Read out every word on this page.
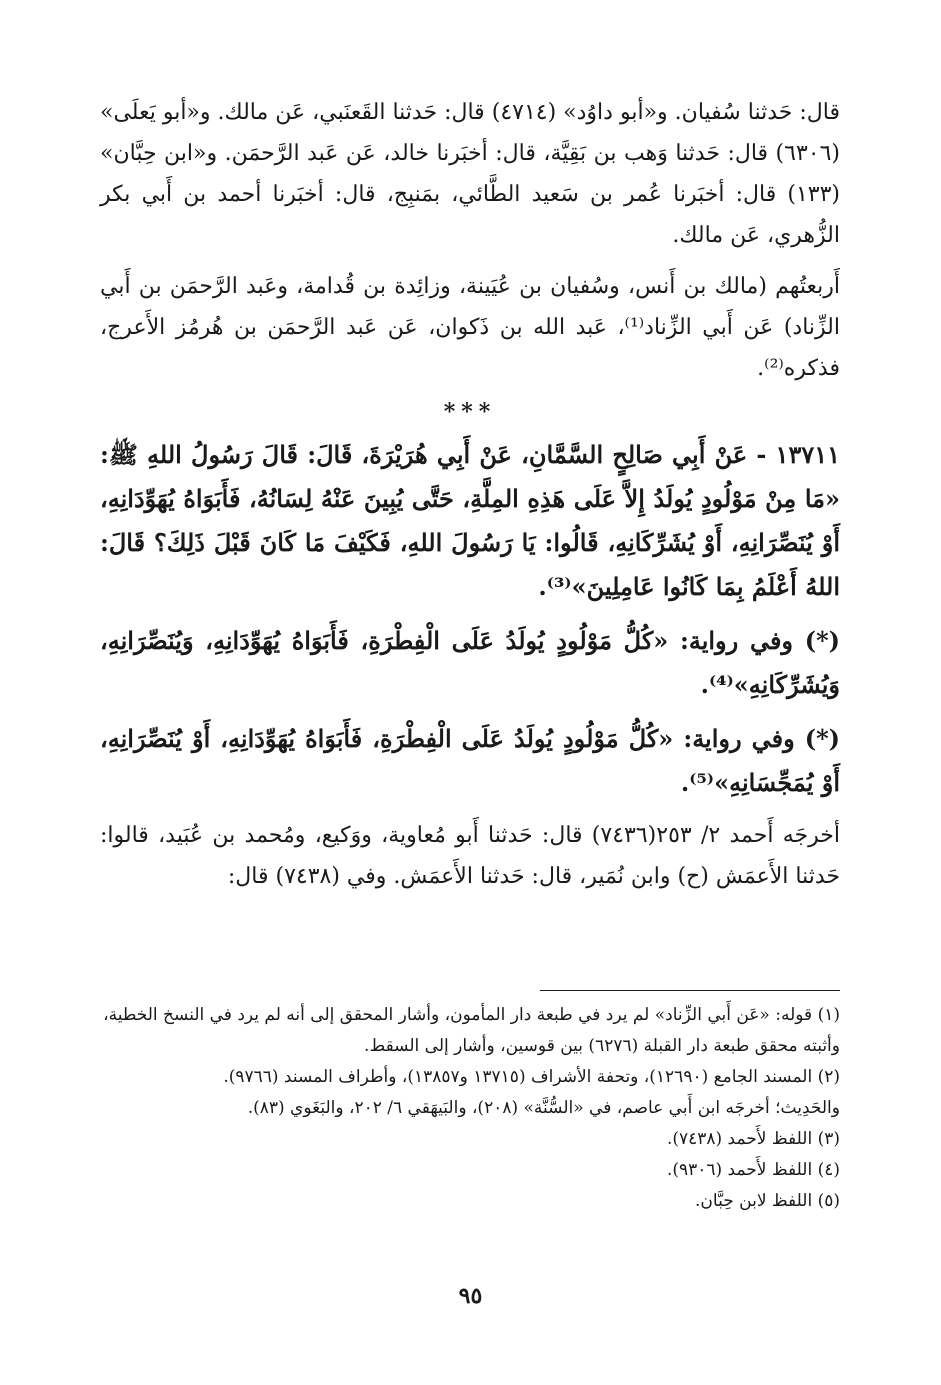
قال: حَدثنا سُفيان. و«أبو داوُد» (٤٧١٤) قال: حَدثنا القَعنَبي، عَن مالك. و«أبو يَعلَى» (٦٣٠٦) قال: حَدثنا وَهب بن بَقِيَّة، قال: أخبَرنا خالد، عَن عَبد الرَّحمَن. و«ابن حِبَّان» (١٣٣) قال: أخبَرنا عُمر بن سَعيد الطَّائي، بمَنبِج، قال: أخبَرنا أحمد بن أَبي بكر الزُّهري، عَن مالك.

أَربعتُهم (مالك بن أَنس، وسُفيان بن عُيَينة، وزائِدة بن قُدامة، وعَبد الرَّحمَن بن أَبي الزِّناد) عَن أَبي الزِّناد⁽¹⁾، عَبد الله بن ذَكوان، عَن عَبد الرَّحمَن بن هُرمُز الأَعرج، فذكره⁽²⁾.

***

١٣٧١١ - عَنْ أَبِي صَالِحٍ السَّمَّانِ، عَنْ أَبِي هُرَيْرَةَ، قَالَ: قَالَ رَسُولُ اللهِ ﷺ: «مَا مِنْ مَوْلُودٍ يُولَدُ إِلاَّ عَلَى هَذِهِ المِلَّةِ، حَتَّى يُبِينَ عَنْهُ لِسَانُهُ، فَأَبَوَاهُ يُهَوِّدَانِهِ، أَوْ يُنَصِّرَانِهِ، أَوْ يُشَرِّكَانِهِ، قَالُوا: يَا رَسُولَ اللهِ، فَكَيْفَ مَا كَانَ قَبْلَ ذَلِكَ؟ قَالَ: اللهُ أَعْلَمُ بِمَا كَانُوا عَامِلِينَ»⁽³⁾.

(*) وفي رواية: «كُلُّ مَوْلُودٍ يُولَدُ عَلَى الْفِطْرَةِ، فَأَبَوَاهُ يُهَوِّدَانِهِ، وَيُنَصِّرَانِهِ، وَيُشَرِّكَانِهِ»⁽⁴⁾.

(*) وفي رواية: «كُلُّ مَوْلُودٍ يُولَدُ عَلَى الْفِطْرَةِ، فَأَبَوَاهُ يُهَوِّدَانِهِ، أَوْ يُنَصِّرَانِهِ، أَوْ يُمَجِّسَانِهِ»⁽⁵⁾.

أخرجَه أَحمد ٢/ ٢٥٣(٧٤٣٦) قال: حَدثنا أَبو مُعاوية، ووَكيع، ومُحمد بن عُبَيد، قالوا: حَدثنا الأَعمَش (ح) وابن نُمَير، قال: حَدثنا الأَعمَش. وفي (٧٤٣٨) قال:

(١) قوله: «عَن أَبي الزِّناد» لم يرد في طبعة دار المأمون، وأشار المحقق إلى أنه لم يرد في النسخ الخطية، وأثبته محقق طبعة دار القبلة (٦٢٧٦) بين قوسين، وأشار إلى السقط.

(٢) المسند الجامع (١٢٦٩٠)، وتحفة الأشراف (١٣٧١٥ و١٣٨٥٧)، وأطراف المسند (٩٧٦٦).

والحَدِيث؛ أخرجَه ابن أَبي عاصم، في «السُّنَّة» (٢٠٨)، والبَيهَقي ٦/ ٢٠٢، والبَغَوي (٨٣).

(٣) اللفظ لأَحمد (٧٤٣٨).

(٤) اللفظ لأَحمد (٩٣٠٦).

(٥) اللفظ لابن حِبَّان.

٩٥
